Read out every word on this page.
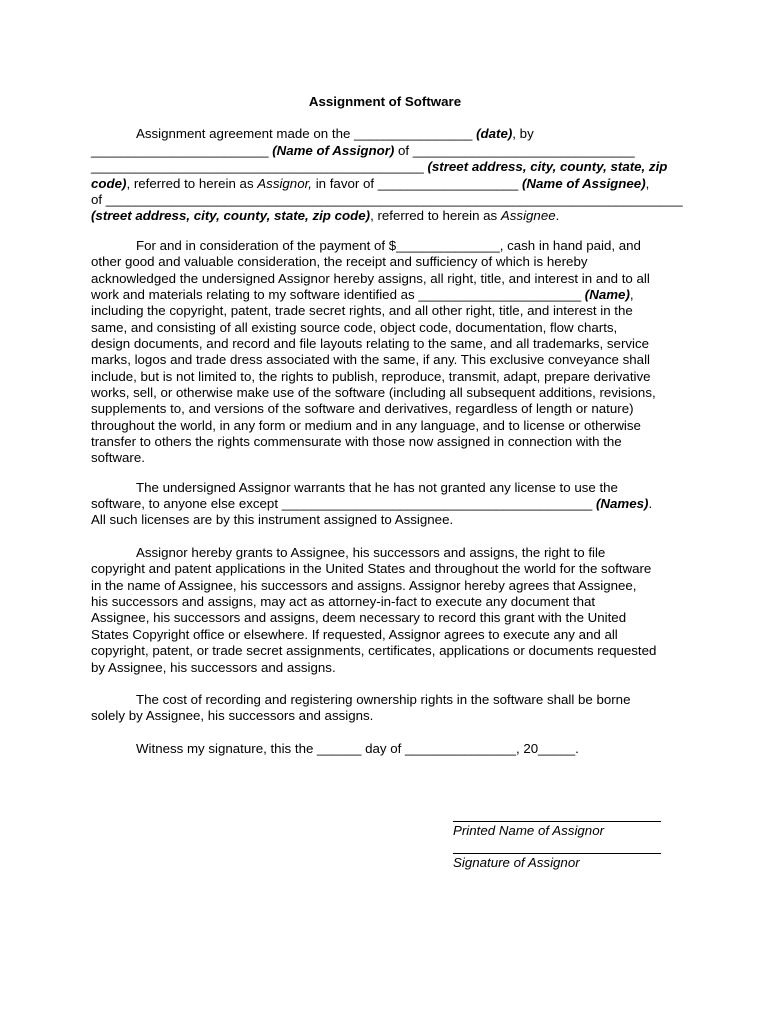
Assignment of Software
Assignment agreement made on the ________________ (date), by
________________________ (Name of Assignor) of ______________________________
_____________________________________________ (street address, city, county, state, zip
code), referred to herein as Assignor, in favor of ___________________ (Name of Assignee),
of ______________________________________________________________________________
(street address, city, county, state, zip code), referred to herein as Assignee.
For and in consideration of the payment of $______________, cash in hand paid, and
other good and valuable consideration, the receipt and sufficiency of which is hereby
acknowledged the undersigned Assignor hereby assigns, all right, title, and interest in and to all
work and materials relating to my software identified as ______________________ (Name),
including the copyright, patent, trade secret rights, and all other right, title, and interest in the
same, and consisting of all existing source code, object code, documentation, flow charts,
design documents, and record and file layouts relating to the same, and all trademarks, service
marks, logos and trade dress associated with the same, if any. This exclusive conveyance shall
include, but is not limited to, the rights to publish, reproduce, transmit, adapt, prepare derivative
works, sell, or otherwise make use of the software (including all subsequent additions, revisions,
supplements to, and versions of the software and derivatives, regardless of length or nature)
throughout the world, in any form or medium and in any language, and to license or otherwise
transfer to others the rights commensurate with those now assigned in connection with the
software.
The undersigned Assignor warrants that he has not granted any license to use the
software, to anyone else except __________________________________________ (Names).
All such licenses are by this instrument assigned to Assignee.
Assignor hereby grants to Assignee, his successors and assigns, the right to file
copyright and patent applications in the United States and throughout the world for the software
in the name of Assignee, his successors and assigns. Assignor hereby agrees that Assignee,
his successors and assigns, may act as attorney-in-fact to execute any document that
Assignee, his successors and assigns, deem necessary to record this grant with the United
States Copyright office or elsewhere. If requested, Assignor agrees to execute any and all
copyright, patent, or trade secret assignments, certificates, applications or documents requested
by Assignee, his successors and assigns.
The cost of recording and registering ownership rights in the software shall be borne
solely by Assignee, his successors and assigns.
Witness my signature, this the ______ day of _______________, 20_____.
Printed Name of Assignor
Signature of Assignor
